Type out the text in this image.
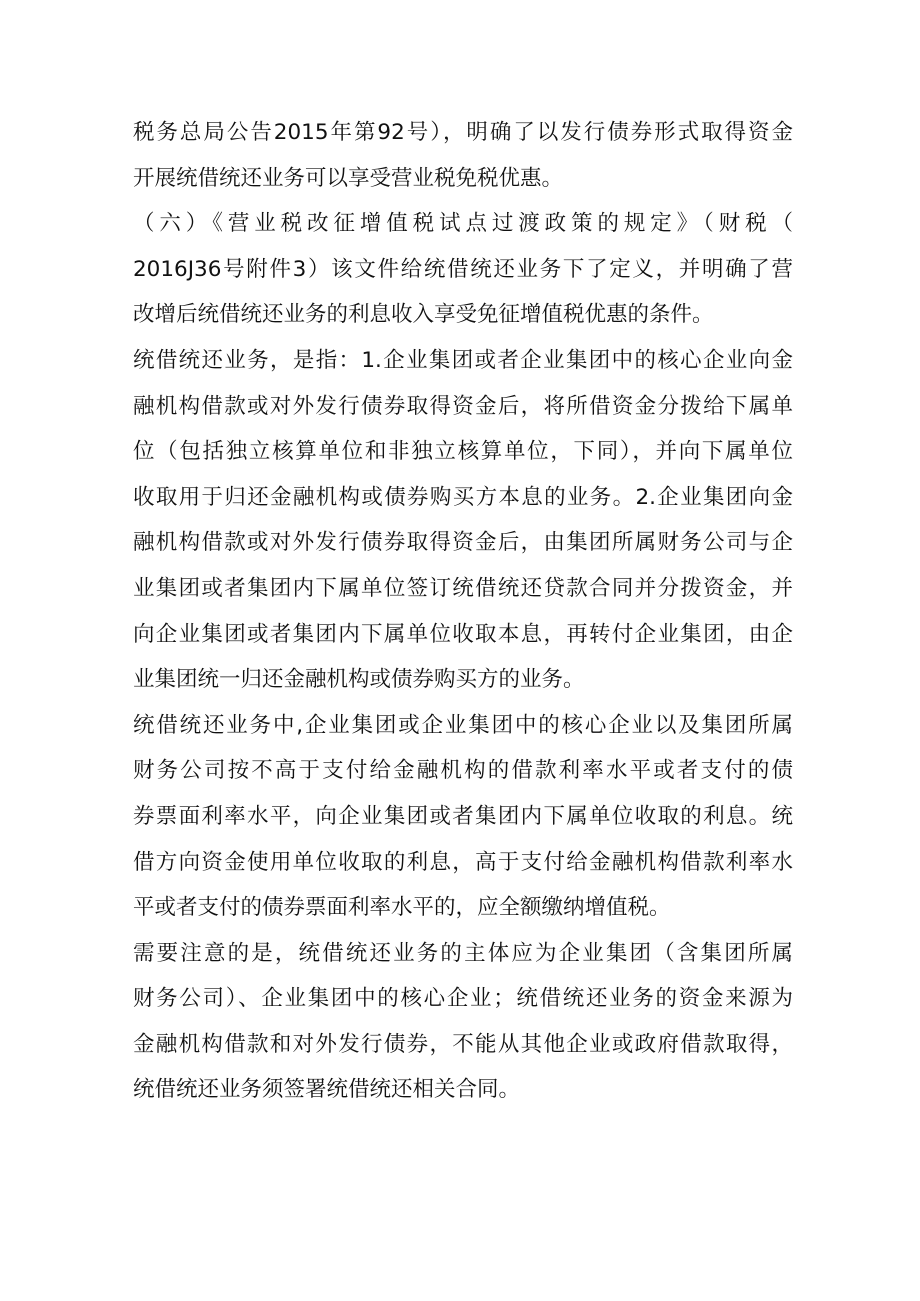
税务总局公告2015年第92号），明确了以发行债券形式取得资金
开展统借统还业务可以享受营业税免税优惠。
（六）《营业税改征增值税试点过渡政策的规定》（财税（
2016J36号附件3）该文件给统借统还业务下了定义，并明确了营
改增后统借统还业务的利息收入享受免征增值税优惠的条件。
统借统还业务，是指：1.企业集团或者企业集团中的核心企业向金
融机构借款或对外发行债券取得资金后，将所借资金分拨给下属单
位（包括独立核算单位和非独立核算单位，下同），并向下属单位
收取用于归还金融机构或债券购买方本息的业务。2.企业集团向金
融机构借款或对外发行债券取得资金后，由集团所属财务公司与企
业集团或者集团内下属单位签订统借统还贷款合同并分拨资金，并
向企业集团或者集团内下属单位收取本息，再转付企业集团，由企
业集团统一归还金融机构或债券购买方的业务。
统借统还业务中,企业集团或企业集团中的核心企业以及集团所属
财务公司按不高于支付给金融机构的借款利率水平或者支付的债
券票面利率水平，向企业集团或者集团内下属单位收取的利息。统
借方向资金使用单位收取的利息，高于支付给金融机构借款利率水
平或者支付的债券票面利率水平的，应全额缴纳增值税。
需要注意的是，统借统还业务的主体应为企业集团（含集团所属
财务公司）、企业集团中的核心企业；统借统还业务的资金来源为
金融机构借款和对外发行债券，不能从其他企业或政府借款取得，
统借统还业务须签署统借统还相关合同。
